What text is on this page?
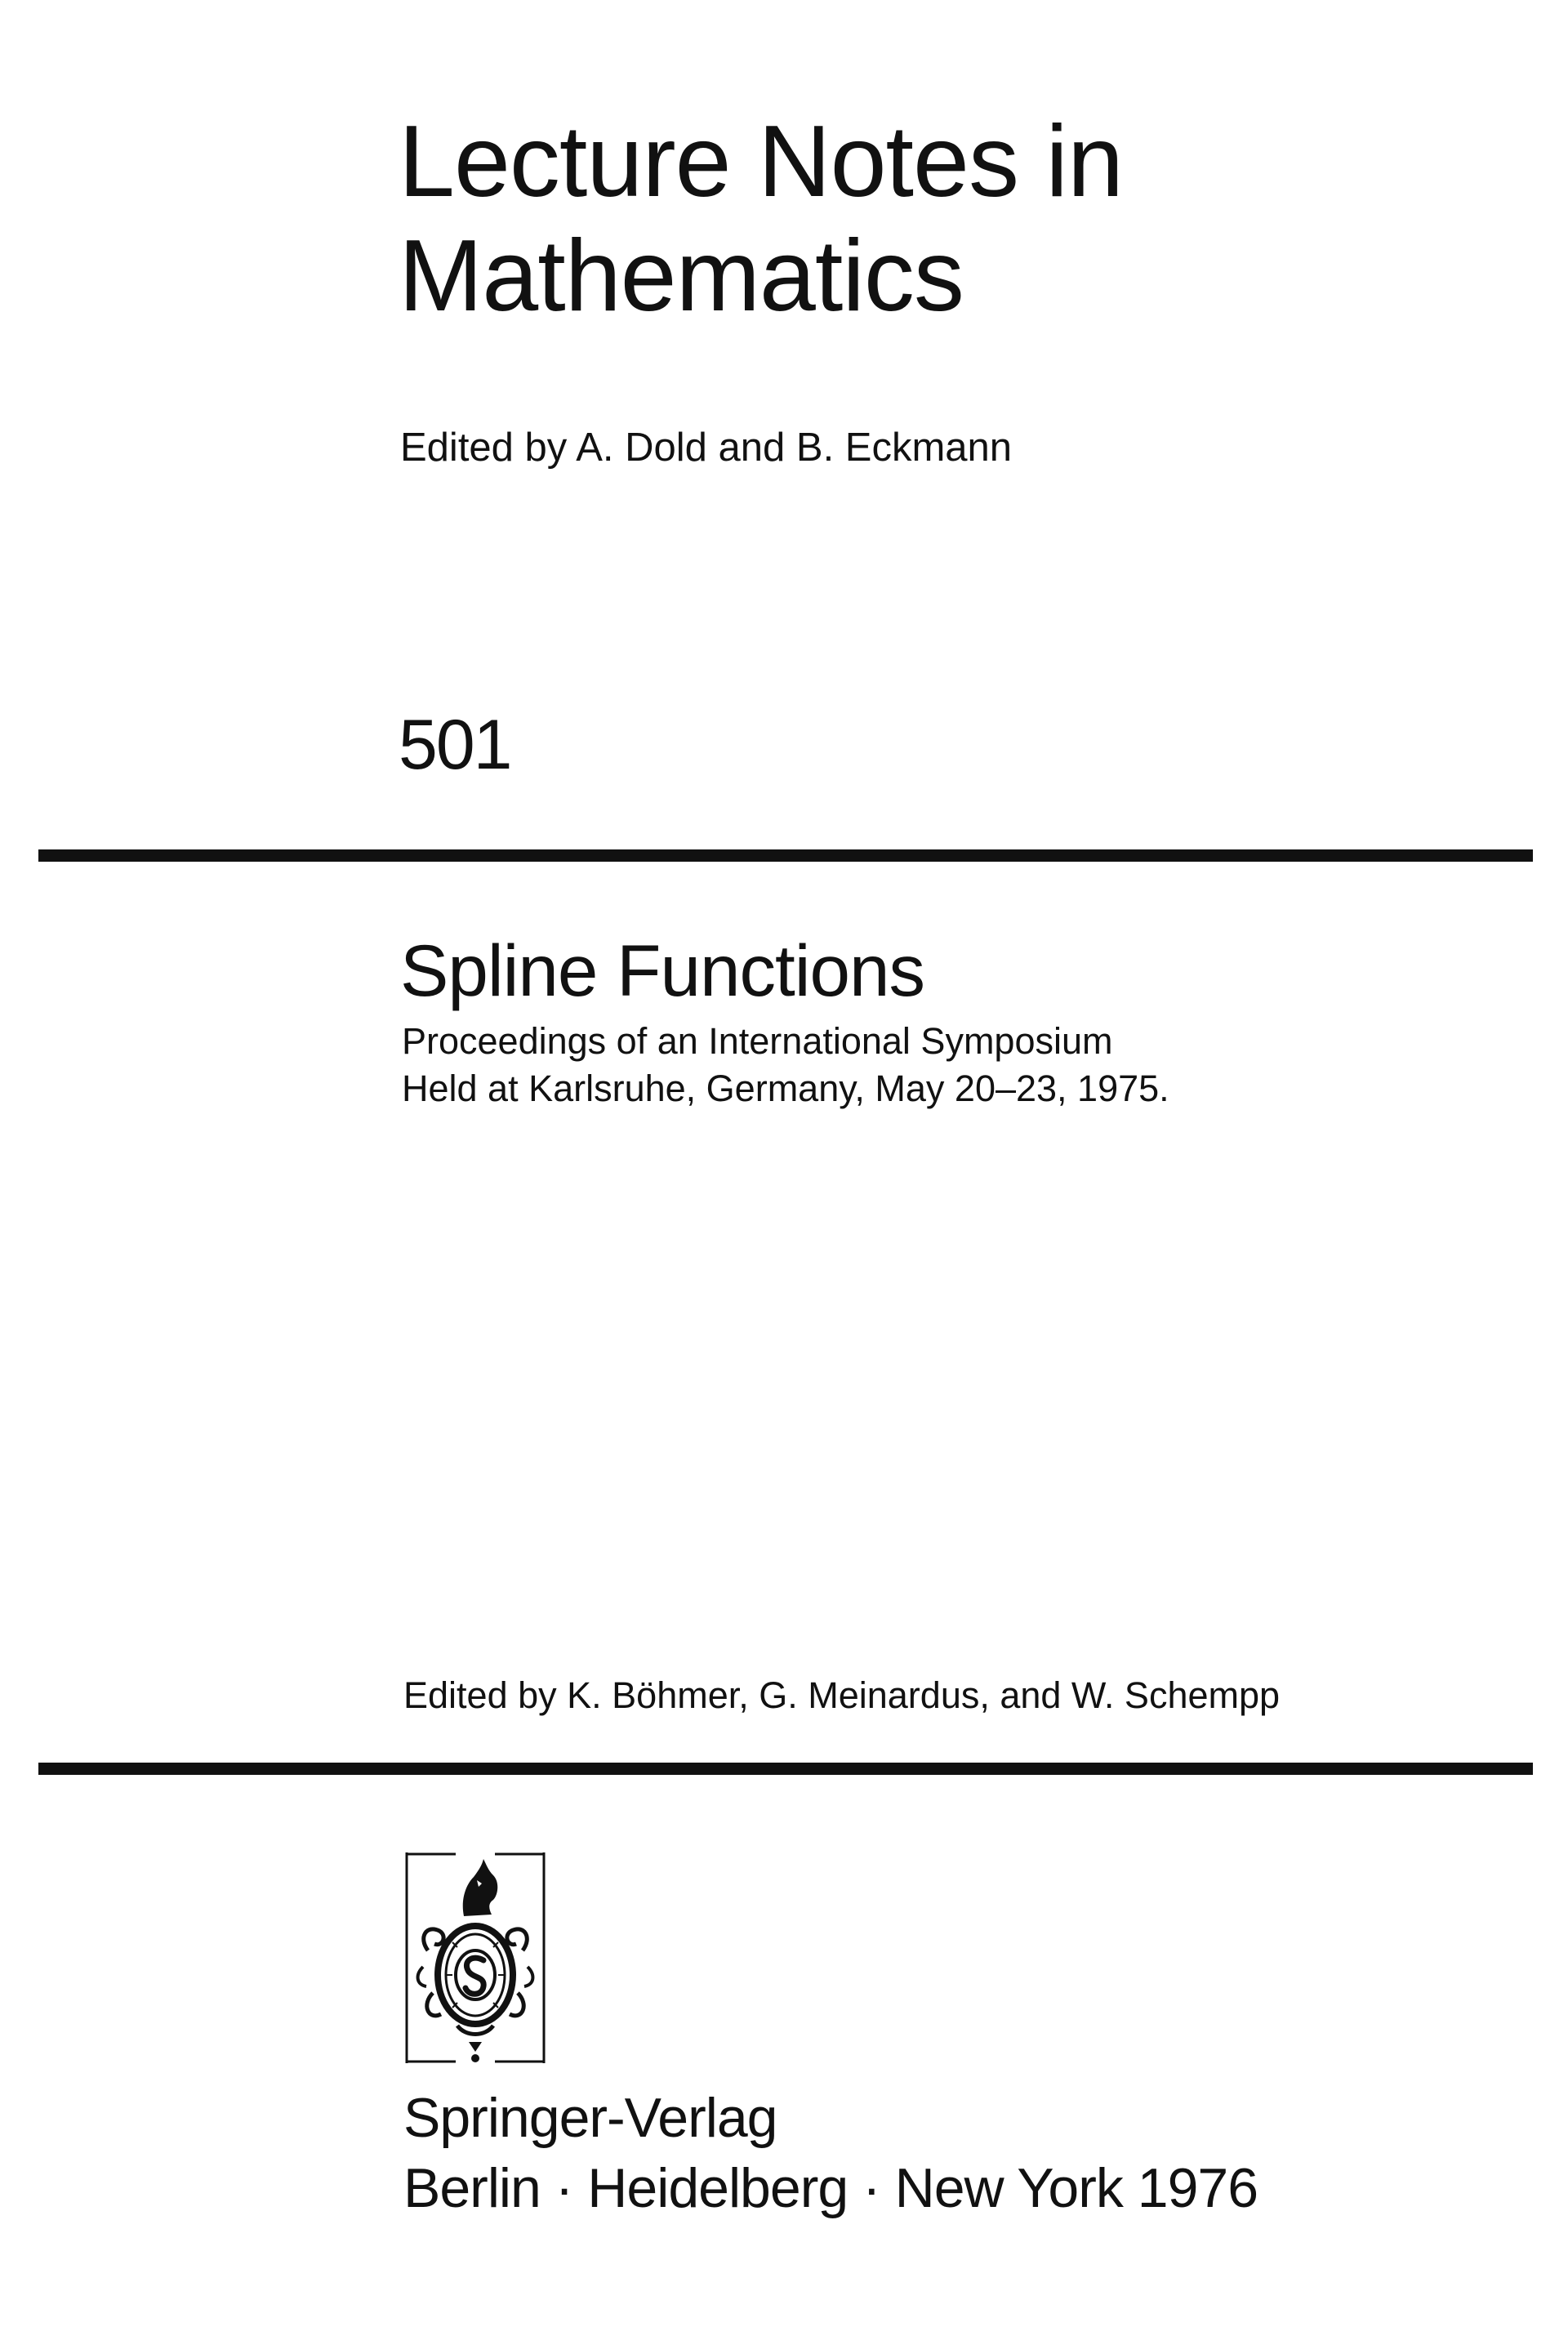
Lecture Notes in
Mathematics

Edited by A. Dold and B. Eckmann

501

Spline Functions
Proceedings of an International Symposium
Held at Karlsruhe, Germany, May 20–23, 1975.

Edited by K. Böhmer, G. Meinardus, and W. Schempp

Springer-Verlag

Berlin · Heidelberg · New York 1976
